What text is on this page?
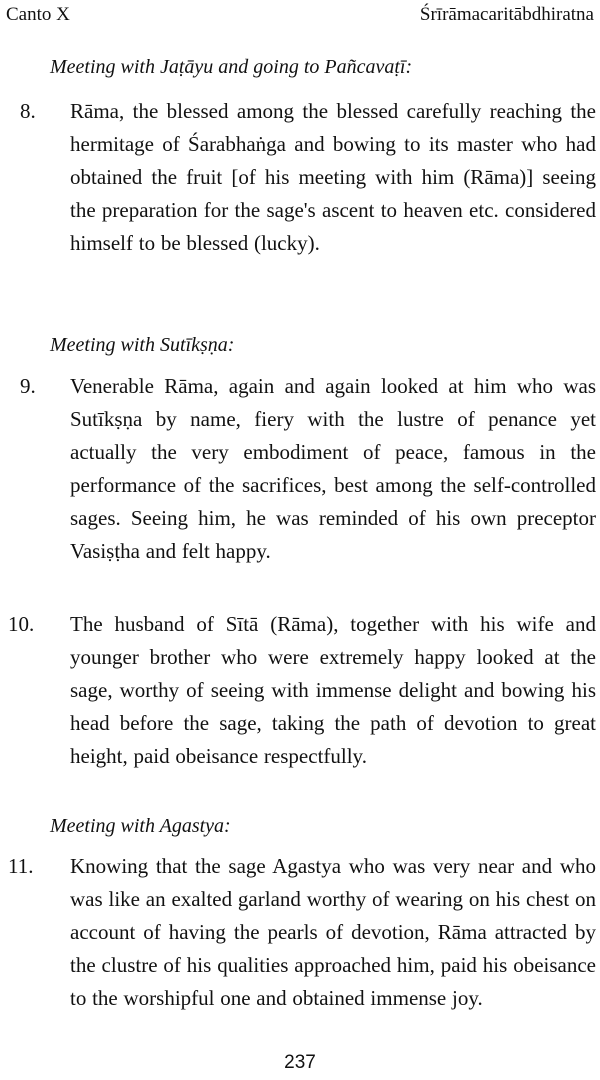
Canto X	Śrīrāmacaritābdhiratna
Meeting with Jaṭāyu and going to Pañcavaṭī:
8.	Rāma, the blessed among the blessed carefully reaching the hermitage of Śarabhaṅga and bowing to its master who had obtained the fruit [of his meeting with him (Rāma)] seeing the preparation for the sage's ascent to heaven etc. considered himself to be blessed (lucky).
Meeting with Sutīkṣṇa:
9.	Venerable Rāma, again and again looked at him who was Sutīkṣṇa by name, fiery with the lustre of penance yet actually the very embodiment of peace, famous in the performance of the sacrifices, best among the self-controlled sages. Seeing him, he was reminded of his own preceptor Vasiṣṭha and felt happy.
10.	The husband of Sītā (Rāma), together with his wife and younger brother who were extremely happy looked at the sage, worthy of seeing with immense delight and bowing his head before the sage, taking the path of devotion to great height, paid obeisance respectfully.
Meeting with Agastya:
11.	Knowing that the sage Agastya who was very near and who was like an exalted garland worthy of wearing on his chest on account of having the pearls of devotion, Rāma attracted by the clustre of his qualities approached him, paid his obeisance to the worshipful one and obtained immense joy.
237
